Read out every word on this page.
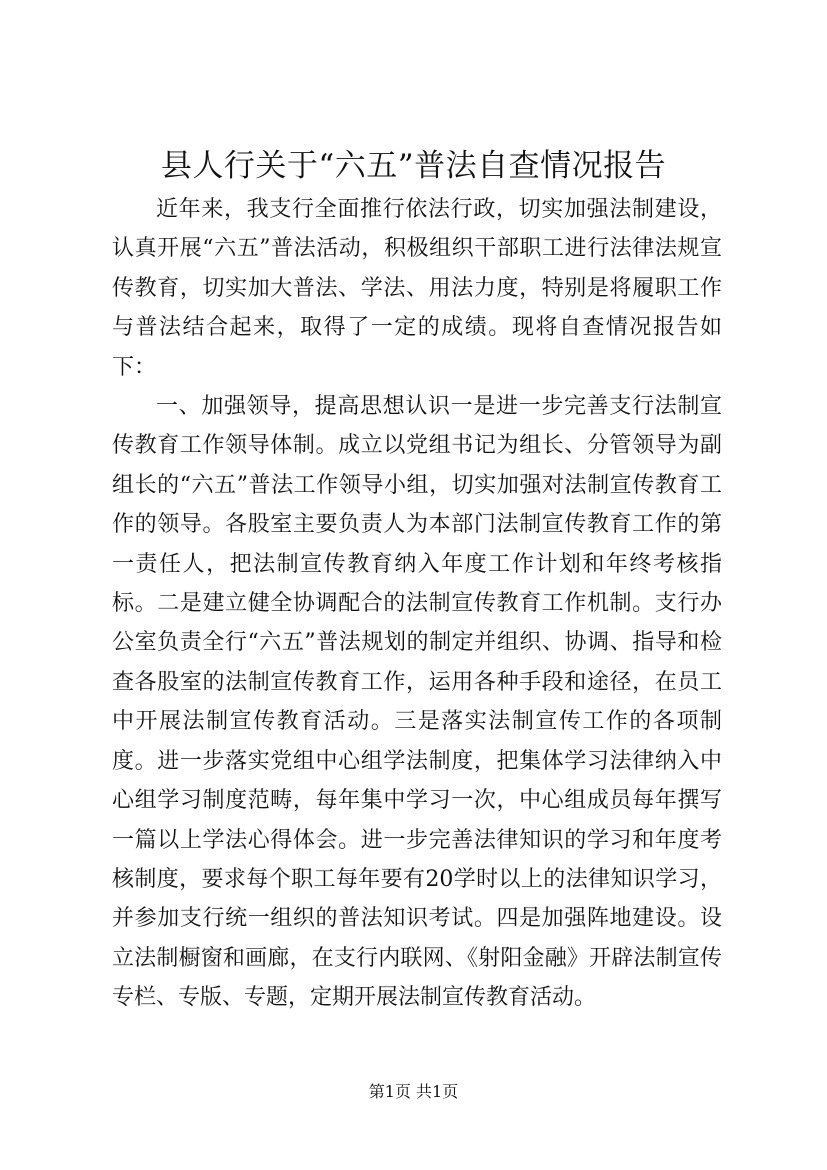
县人行关于“六五”普法自查情况报告

近年来，我支行全面推行依法行政，切实加强法制建设，认真开展“六五”普法活动，积极组织干部职工进行法律法规宣传教育，切实加大普法、学法、用法力度，特别是将履职工作与普法结合起来，取得了一定的成绩。现将自查情况报告如下：

一、加强领导，提高思想认识一是进一步完善支行法制宣传教育工作领导体制。成立以党组书记为组长、分管领导为副组长的“六五”普法工作领导小组，切实加强对法制宣传教育工作的领导。各股室主要负责人为本部门法制宣传教育工作的第一责任人，把法制宣传教育纳入年度工作计划和年终考核指标。二是建立健全协调配合的法制宣传教育工作机制。支行办公室负责全行“六五”普法规划的制定并组织、协调、指导和检查各股室的法制宣传教育工作，运用各种手段和途径，在员工中开展法制宣传教育活动。三是落实法制宣传工作的各项制度。进一步落实党组中心组学法制度，把集体学习法律纳入中心组学习制度范畴，每年集中学习一次，中心组成员每年撰写一篇以上学法心得体会。进一步完善法律知识的学习和年度考核制度，要求每个职工每年要有20学时以上的法律知识学习，并参加支行统一组织的普法知识考试。四是加强阵地建设。设立法制橱窗和画廊，在支行内联网、《射阳金融》开辟法制宣传专栏、专版、专题，定期开展法制宣传教育活动。

第1页 共1页
